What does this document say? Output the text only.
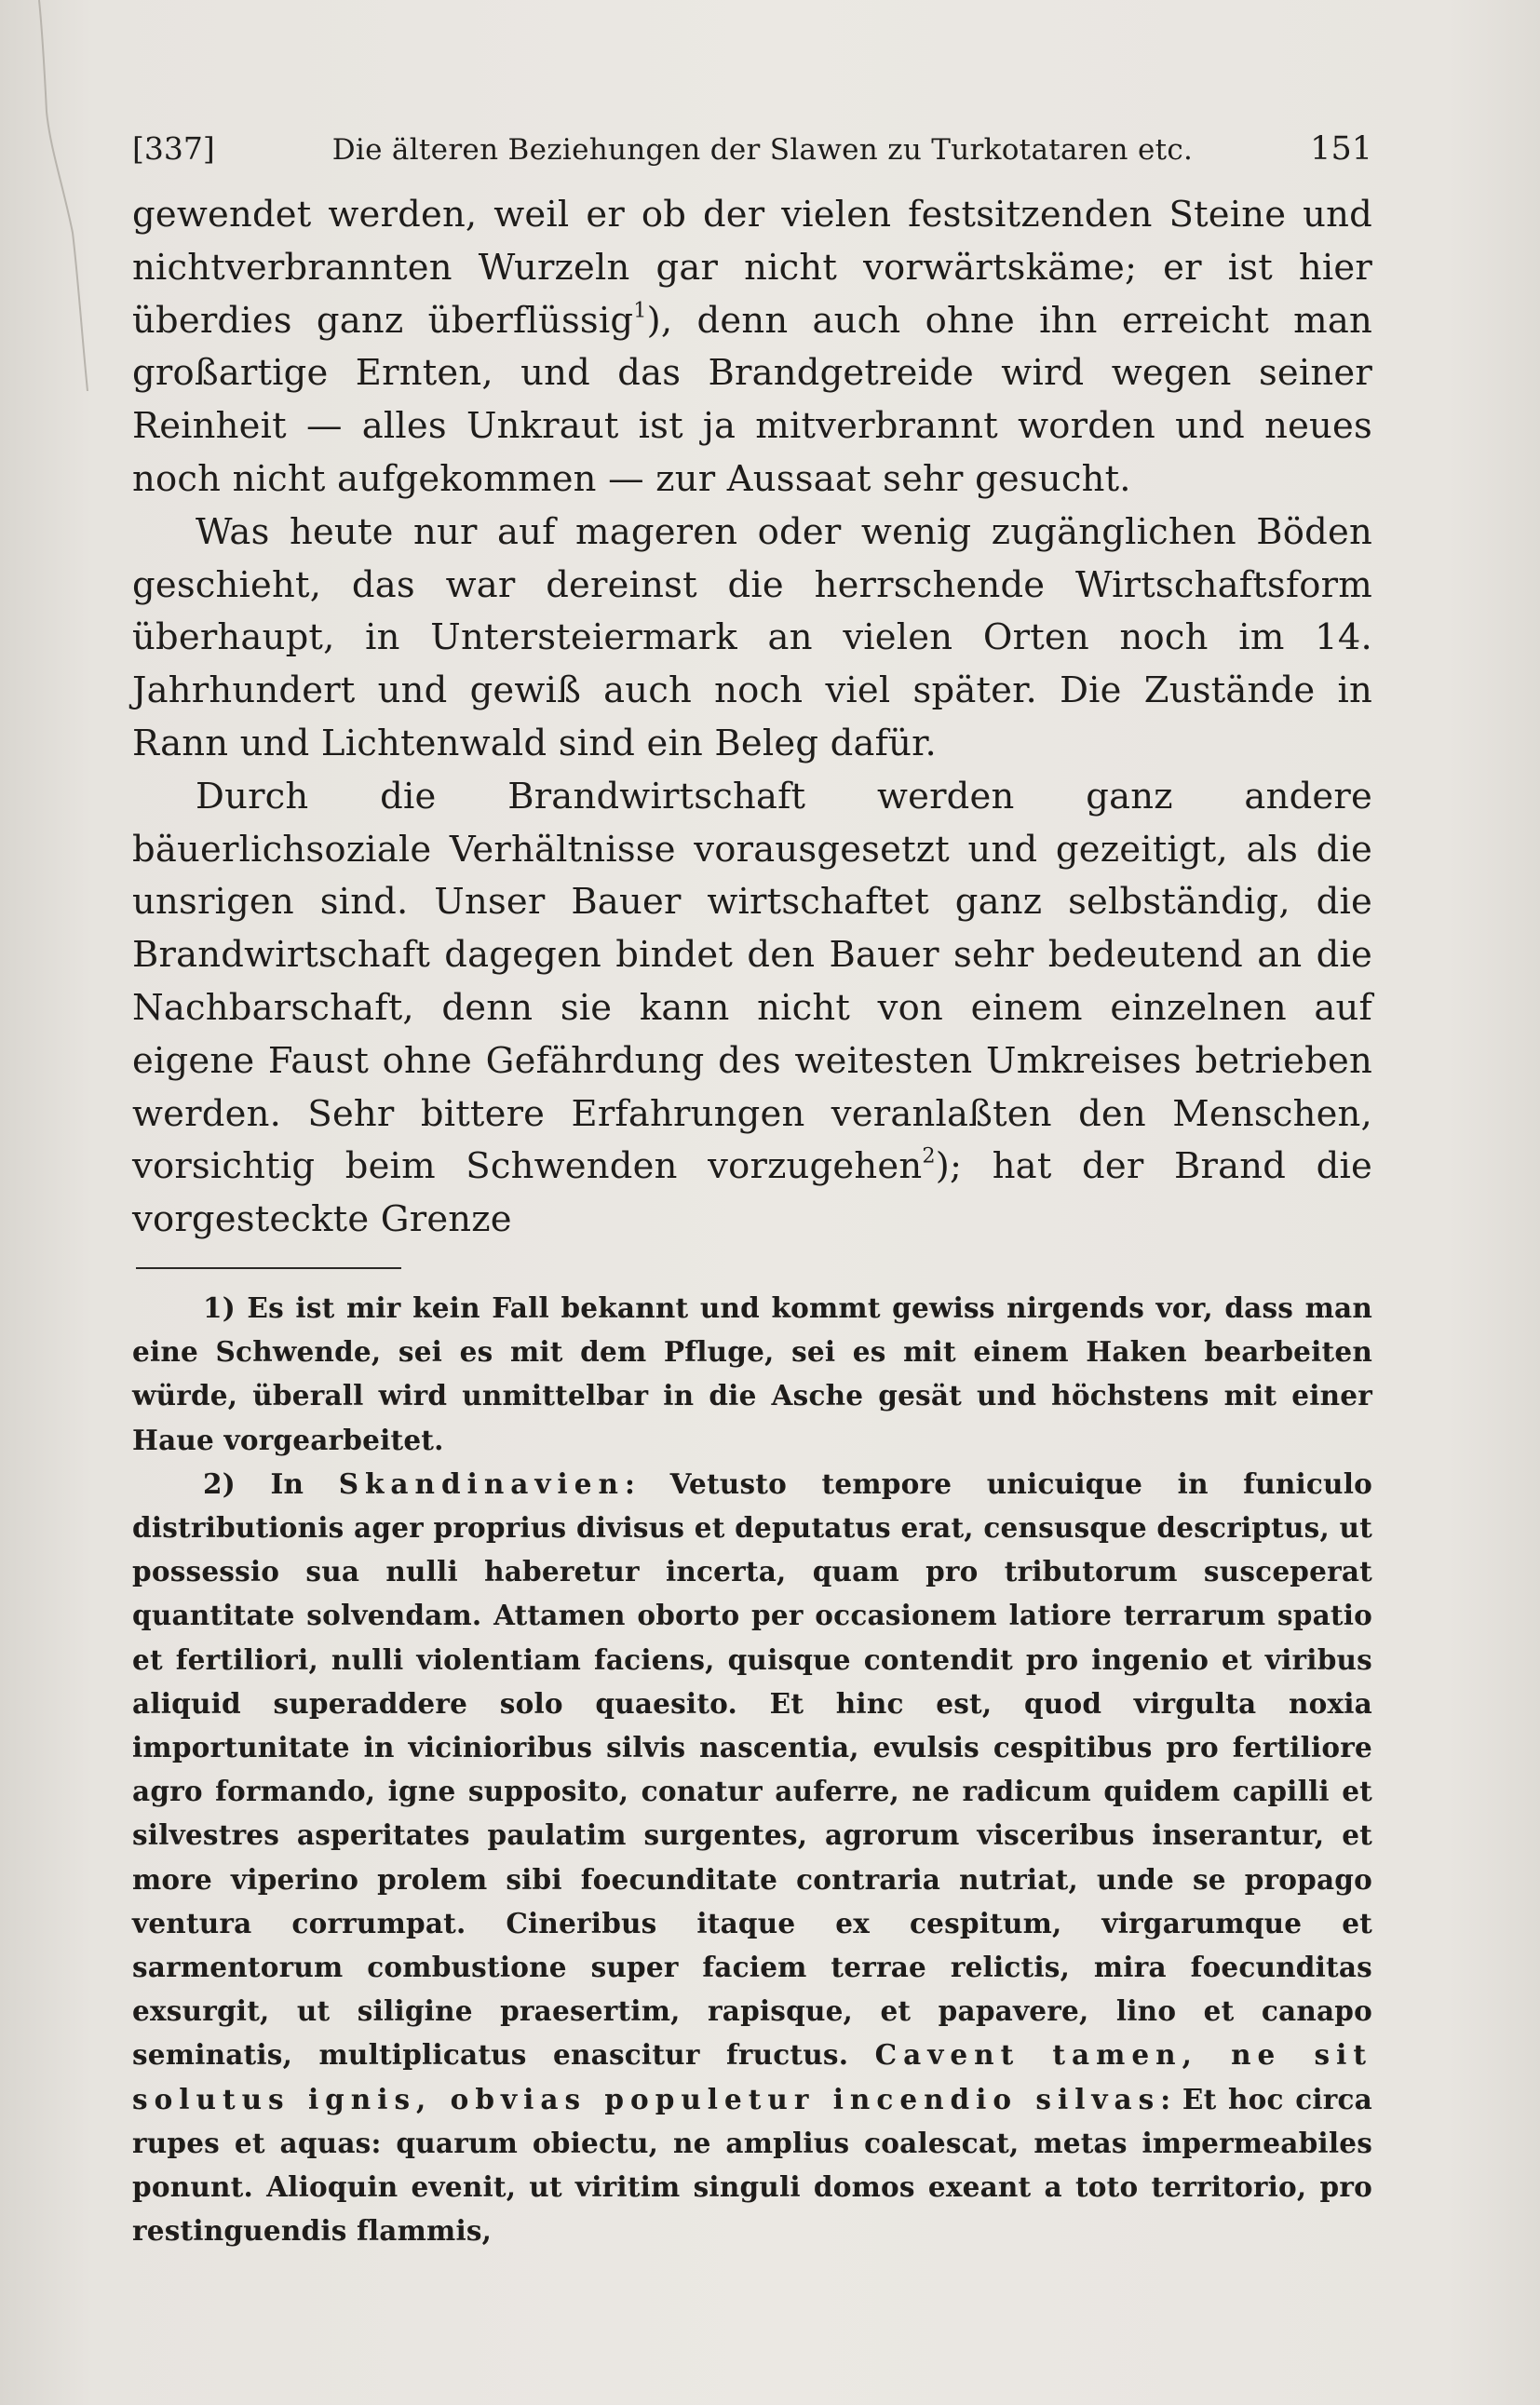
[337]	Die älteren Beziehungen der Slawen zu Turkotataren etc.	151

gewendet werden, weil er ob der vielen festsitzenden Steine und nichtverbrannten Wurzeln gar nicht vorwärtskäme; er ist hier überdies ganz überflüssig$^1$), denn auch ohne ihn erreicht man großartige Ernten, und das Brandgetreide wird wegen seiner Reinheit — alles Unkraut ist ja mitverbrannt worden und neues noch nicht aufgekommen — zur Aussaat sehr gesucht.

Was heute nur auf mageren oder wenig zugänglichen Böden geschieht, das war dereinst die herrschende Wirtschaftsform überhaupt, in Untersteiermark an vielen Orten noch im 14. Jahrhundert und gewiß auch noch viel später. Die Zustände in Rann und Lichtenwald sind ein Beleg dafür.

Durch die Brandwirtschaft werden ganz andere bäuerlichsoziale Verhältnisse vorausgesetzt und gezeitigt, als die unsrigen sind. Unser Bauer wirtschaftet ganz selbständig, die Brandwirtschaft dagegen bindet den Bauer sehr bedeutend an die Nachbarschaft, denn sie kann nicht von einem einzelnen auf eigene Faust ohne Gefährdung des weitesten Umkreises betrieben werden. Sehr bittere Erfahrungen veranlaßten den Menschen, vorsichtig beim Schwenden vorzugehen$^2$); hat der Brand die vorgesteckte Grenze

1) Es ist mir kein Fall bekannt und kommt gewiss nirgends vor, dass man eine Schwende, sei es mit dem Pfluge, sei es mit einem Haken bearbeiten würde, überall wird unmittelbar in die Asche gesät und höchstens mit einer Haue vorgearbeitet.

2) In Skandinavien: Vetusto tempore unicuique in funiculo distributionis ager proprius divisus et deputatus erat, censusque descriptus, ut possessio sua nulli haberetur incerta, quam pro tributorum susceperat quantitate solvendam. Attamen oborto per occasionem latiore terrarum spatio et fertiliori, nulli violentiam faciens, quisque contendit pro ingenio et viribus aliquid superaddere solo quaesito. Et hinc est, quod virgulta noxia importunitate in vicinioribus silvis nascentia, evulsis cespitibus pro fertiliore agro formando, igne supposito, conatur auferre, ne radicum quidem capilli et silvestres asperitates paulatim surgentes, agrorum visceribus inserantur, et more viperino prolem sibi foecunditate contraria nutriat, unde se propago ventura corrumpat. Cineribus itaque ex cespitum, virgarumque et sarmentorum combustione super faciem terrae relictis, mira foecunditas exsurgit, ut siligine praesertim, rapisque, et papavere, lino et canapo seminatis, multiplicatus enascitur fructus. Cavent tamen, ne sit solutus ignis, obvias populetur incendio silvas: Et hoc circa rupes et aquas: quarum obiectu, ne amplius coalescat, metas impermeabiles ponunt. Alioquin evenit, ut viritim singuli domos exeant a toto territorio, pro restinguendis flammis,
